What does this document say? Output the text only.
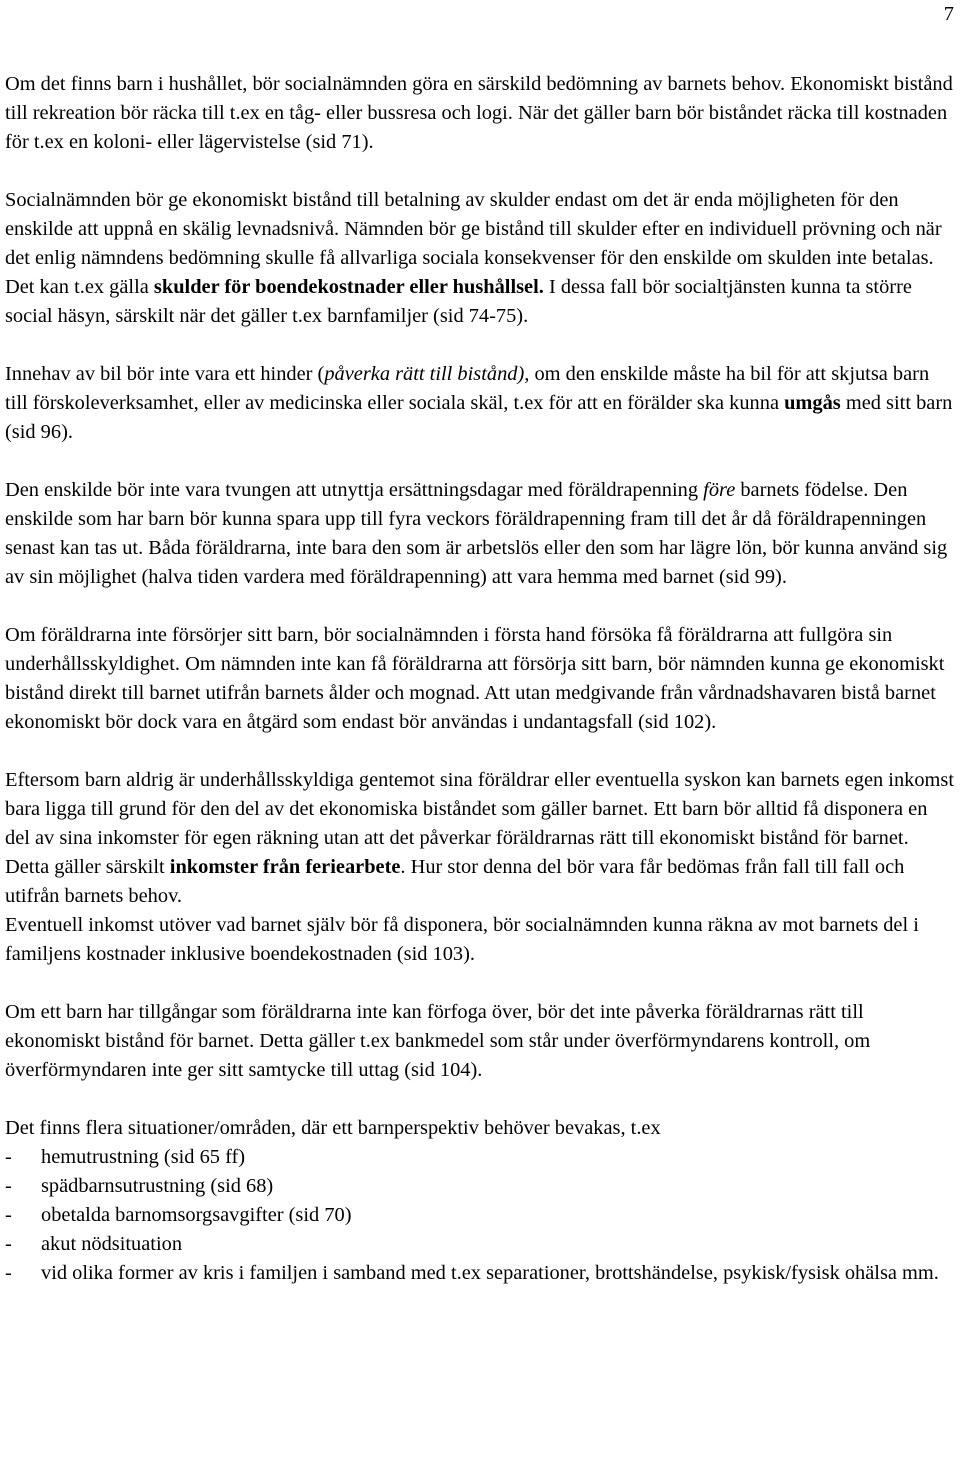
7

Om det finns barn i hushållet, bör socialnämnden göra en särskild bedömning av barnets behov. Ekonomiskt bistånd till rekreation bör räcka till t.ex en tåg- eller bussresa och logi. När det gäller barn bör biståndet räcka till kostnaden för t.ex en koloni- eller lägervistelse (sid 71).

Socialnämnden bör ge ekonomiskt bistånd till betalning av skulder endast om det är enda möjligheten för den enskilde att uppnå en skälig levnadsnivå. Nämnden bör ge bistånd till skulder efter en individuell prövning och när det enlig nämndens bedömning skulle få allvarliga sociala konsekvenser för den enskilde om skulden inte betalas. Det kan t.ex gälla skulder för boendekostnader eller hushållsel. I dessa fall bör socialtjänsten kunna ta större social häsyn, särskilt när det gäller t.ex barnfamiljer (sid 74-75).

Innehav av bil bör inte vara ett hinder (påverka rätt till bistånd), om den enskilde måste ha bil för att skjutsa barn till förskoleverksamhet, eller av medicinska eller sociala skäl, t.ex för att en förälder ska kunna umgås med sitt barn (sid 96).

Den enskilde bör inte vara tvungen att utnyttja ersättningsdagar med föräldrapenning före barnets födelse. Den enskilde som har barn bör kunna spara upp till fyra veckors föräldrapenning fram till det år då föräldrapenningen senast kan tas ut. Båda föräldrarna, inte bara den som är arbetslös eller den som har lägre lön, bör kunna använd sig av sin möjlighet (halva tiden vardera med föräldrapenning) att vara hemma med barnet (sid 99).

Om föräldrarna inte försörjer sitt barn, bör socialnämnden i första hand försöka få föräldrarna att fullgöra sin underhållsskyldighet. Om nämnden inte kan få föräldrarna att försörja sitt barn, bör nämnden kunna ge ekonomiskt bistånd direkt till barnet utifrån barnets ålder och mognad. Att utan medgivande från vårdnadshavaren bistå barnet ekonomiskt bör dock vara en åtgärd som endast bör användas i undantagsfall (sid 102).

Eftersom barn aldrig är underhållsskyldiga gentemot sina föräldrar eller eventuella syskon kan barnets egen inkomst bara ligga till grund för den del av det ekonomiska biståndet som gäller barnet. Ett barn bör alltid få disponera en del av sina inkomster för egen räkning utan att det påverkar föräldrarnas rätt till ekonomiskt bistånd för barnet. Detta gäller särskilt inkomster från feriearbete. Hur stor denna del bör vara får bedömas från fall till fall och utifrån barnets behov.

Eventuell inkomst utöver vad barnet själv bör få disponera, bör socialnämnden kunna räkna av mot barnets del i familjens kostnader inklusive boendekostnaden (sid 103).

Om ett barn har tillgångar som föräldrarna inte kan förfoga över, bör det inte påverka föräldrarnas rätt till ekonomiskt bistånd för barnet. Detta gäller t.ex bankmedel som står under överförmyndarens kontroll, om överförmyndaren inte ger sitt samtycke till uttag (sid 104).

Det finns flera situationer/områden, där ett barnperspektiv behöver bevakas, t.ex

- hemutrustning (sid 65 ff)
- spädbarnsutrustning (sid 68)
- obetalda barnomsorgsavgifter (sid 70)
- akut nödsituation
- vid olika former av kris i familjen i samband med t.ex separationer, brottshändelse, psykisk/fysisk ohälsa mm.
